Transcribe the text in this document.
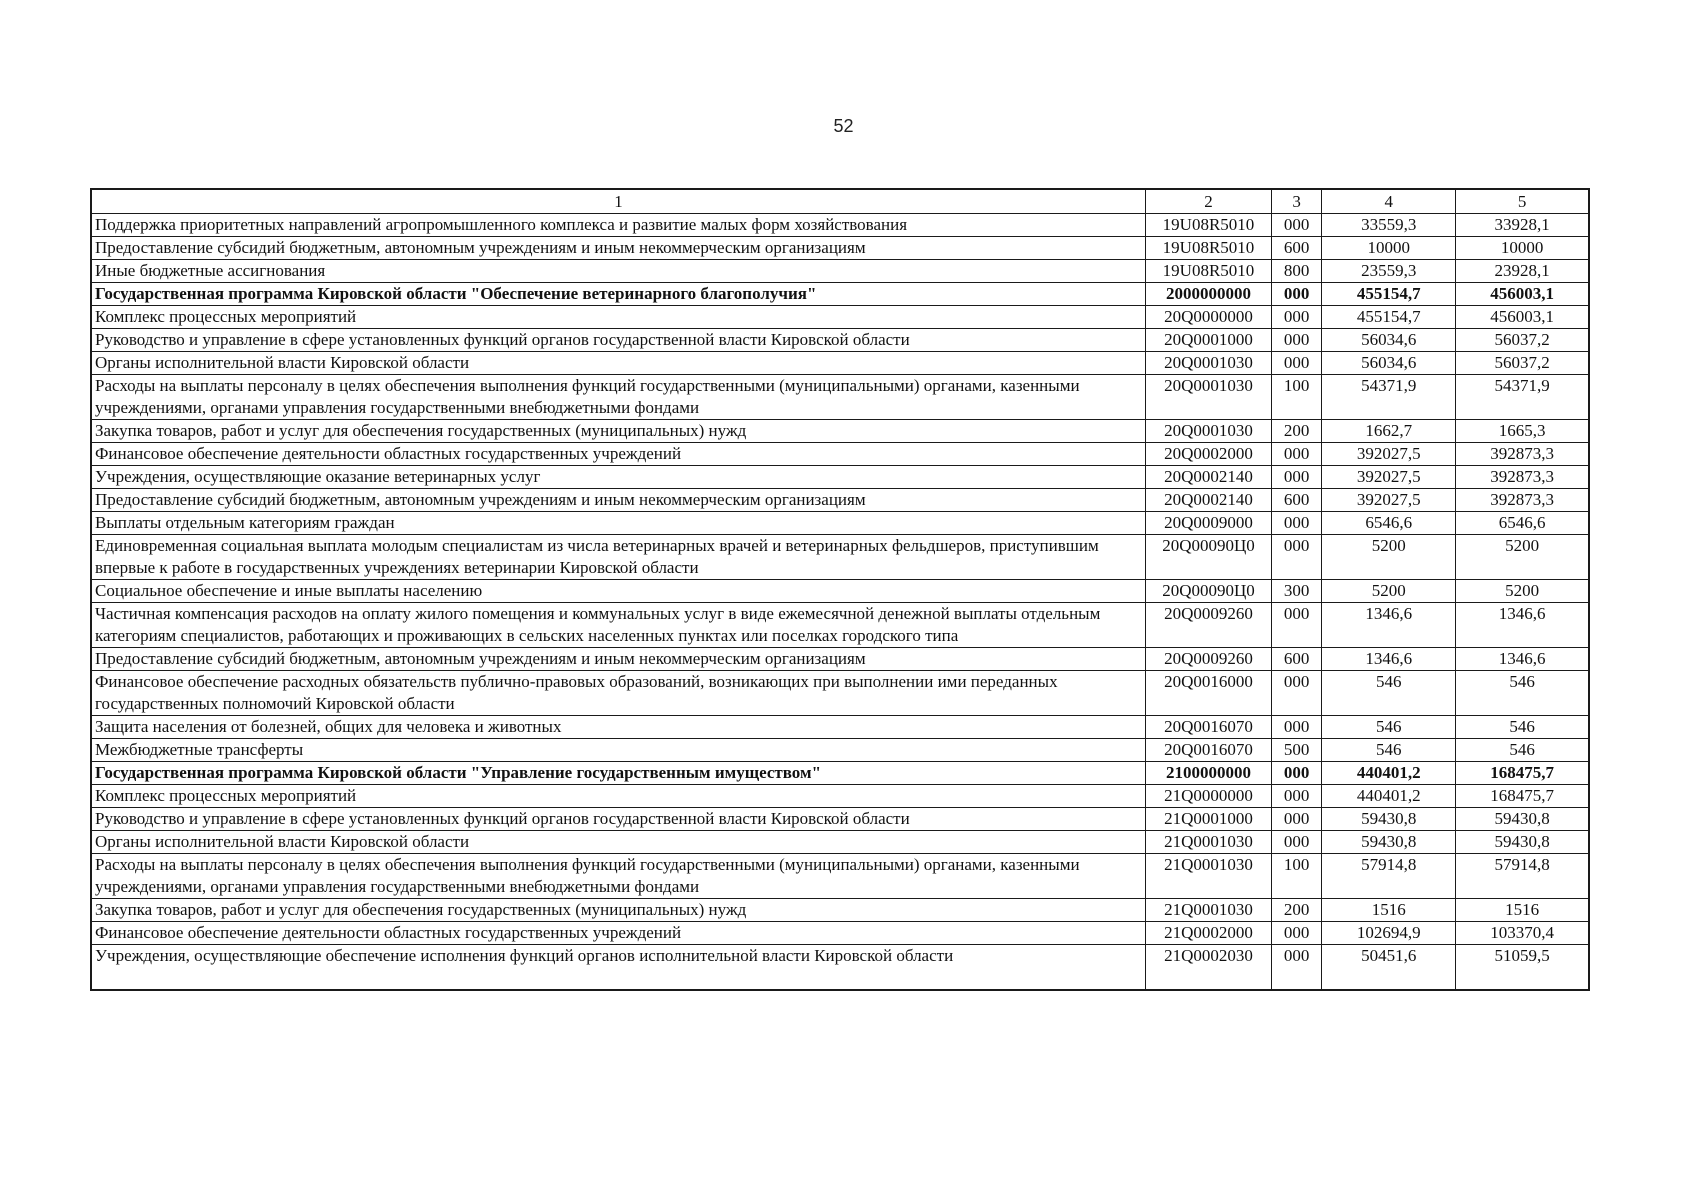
52
1	2	3	4	5
Поддержка приоритетных направлений агропромышленного комплекса и развитие малых форм хозяйствования	19U08R5010	000	33559,3	33928,1
Предоставление субсидий бюджетным, автономным учреждениям и иным некоммерческим организациям	19U08R5010	600	10000	10000
Иные бюджетные ассигнования	19U08R5010	800	23559,3	23928,1
Государственная программа Кировской области "Обеспечение ветеринарного благополучия"	2000000000	000	455154,7	456003,1
Комплекс процессных мероприятий	20Q0000000	000	455154,7	456003,1
Руководство и управление в сфере установленных функций органов государственной власти Кировской области	20Q0001000	000	56034,6	56037,2
Органы исполнительной власти Кировской области	20Q0001030	000	56034,6	56037,2
Расходы на выплаты персоналу в целях обеспечения выполнения функций государственными (муниципальными) органами, казенными учреждениями, органами управления государственными внебюджетными фондами	20Q0001030	100	54371,9	54371,9
Закупка товаров, работ и услуг для обеспечения государственных (муниципальных) нужд	20Q0001030	200	1662,7	1665,3
Финансовое обеспечение деятельности областных государственных учреждений	20Q0002000	000	392027,5	392873,3
Учреждения, осуществляющие оказание ветеринарных услуг	20Q0002140	000	392027,5	392873,3
Предоставление субсидий бюджетным, автономным учреждениям и иным некоммерческим организациям	20Q0002140	600	392027,5	392873,3
Выплаты отдельным категориям граждан	20Q0009000	000	6546,6	6546,6
Единовременная социальная выплата молодым специалистам из числа ветеринарных врачей и ветеринарных фельдшеров, приступившим впервые к работе в государственных учреждениях ветеринарии Кировской области	20Q00090Ц0	000	5200	5200
Социальное обеспечение и иные выплаты населению	20Q00090Ц0	300	5200	5200
Частичная компенсация расходов на оплату жилого помещения и коммунальных услуг в виде ежемесячной денежной выплаты отдельным категориям специалистов, работающих и проживающих в сельских населенных пунктах или поселках городского типа	20Q0009260	000	1346,6	1346,6
Предоставление субсидий бюджетным, автономным учреждениям и иным некоммерческим организациям	20Q0009260	600	1346,6	1346,6
Финансовое обеспечение расходных обязательств публично-правовых образований, возникающих при выполнении ими переданных государственных полномочий Кировской области	20Q0016000	000	546	546
Защита населения от болезней, общих для человека и животных	20Q0016070	000	546	546
Межбюджетные трансферты	20Q0016070	500	546	546
Государственная программа Кировской области "Управление государственным имуществом"	2100000000	000	440401,2	168475,7
Комплекс процессных мероприятий	21Q0000000	000	440401,2	168475,7
Руководство и управление в сфере установленных функций органов государственной власти Кировской области	21Q0001000	000	59430,8	59430,8
Органы исполнительной власти Кировской области	21Q0001030	000	59430,8	59430,8
Расходы на выплаты персоналу в целях обеспечения выполнения функций государственными (муниципальными) органами, казенными учреждениями, органами управления государственными внебюджетными фондами	21Q0001030	100	57914,8	57914,8
Закупка товаров, работ и услуг для обеспечения государственных (муниципальных) нужд	21Q0001030	200	1516	1516
Финансовое обеспечение деятельности областных государственных учреждений	21Q0002000	000	102694,9	103370,4
Учреждения, осуществляющие обеспечение исполнения функций органов исполнительной власти Кировской области	21Q0002030	000	50451,6	51059,5
